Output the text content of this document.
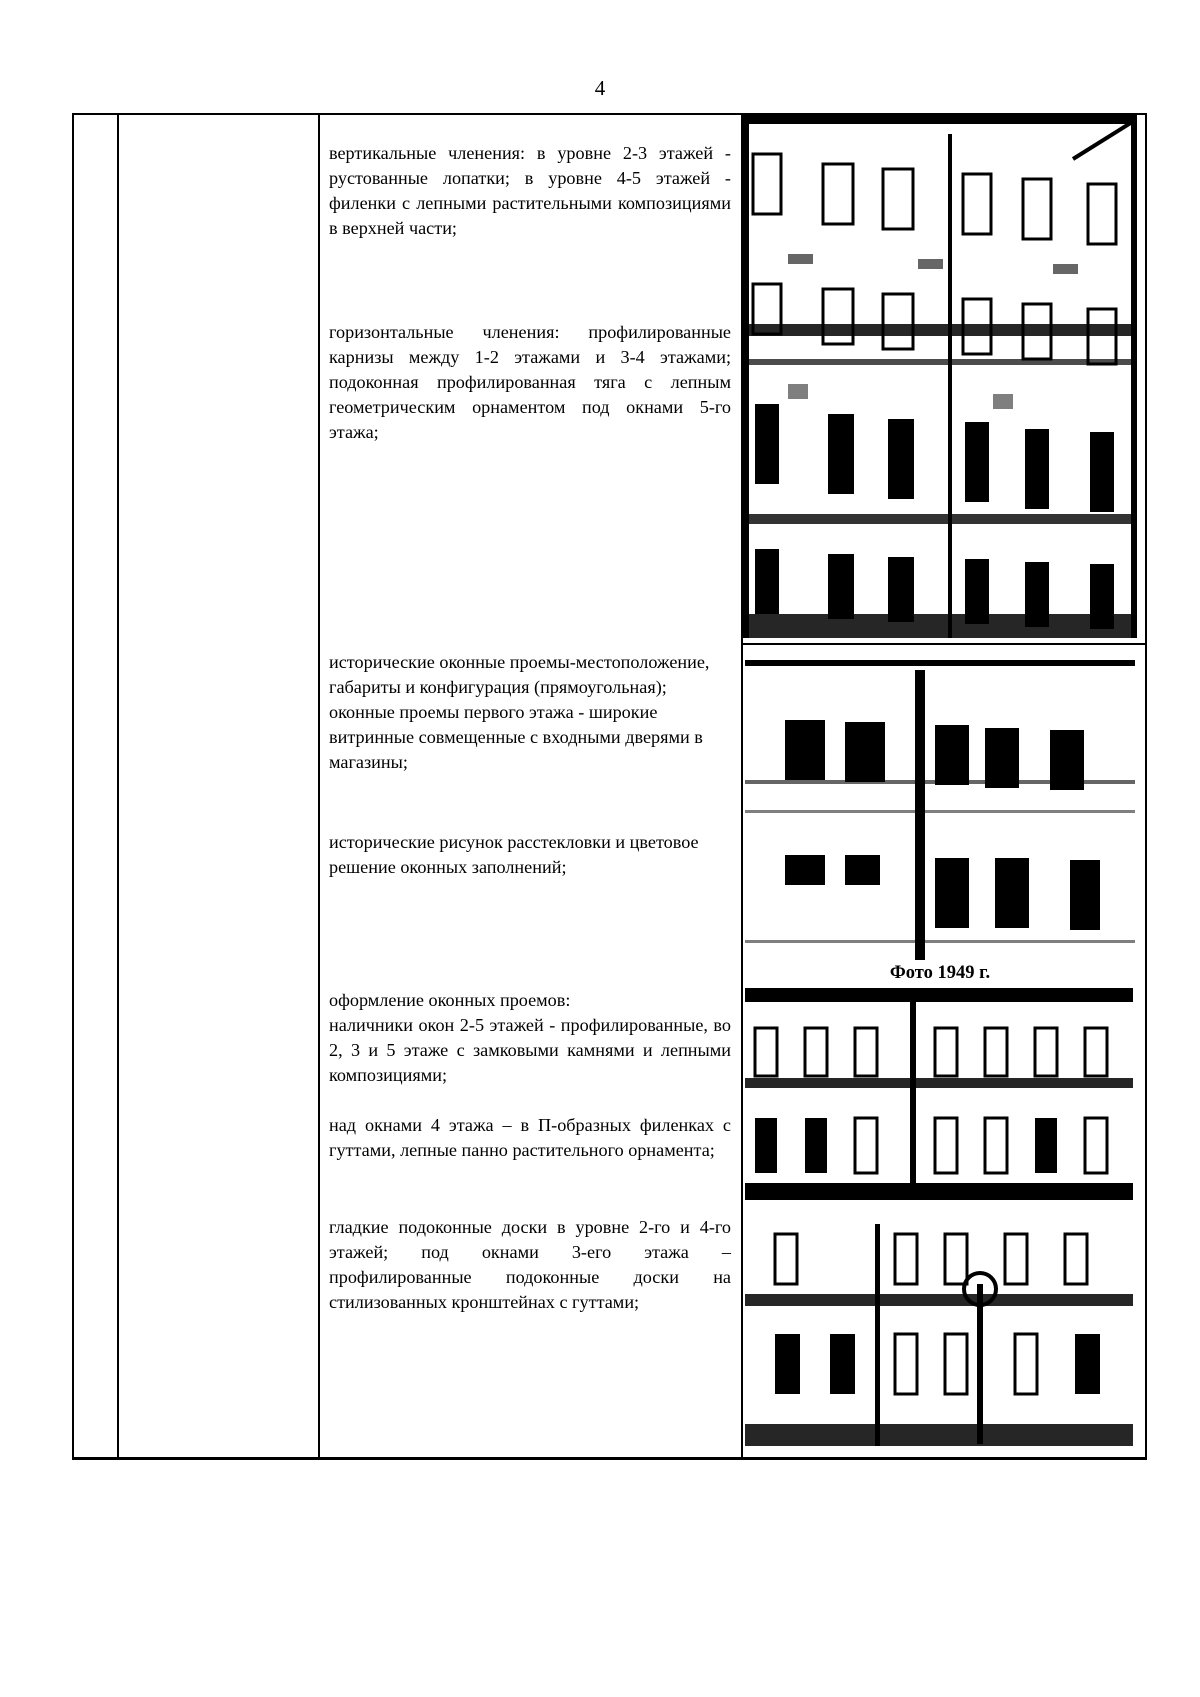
4
вертикальные членения: в уровне 2-3 этажей - рустованные лопатки; в уровне 4-5 этажей - филенки с лепными растительными композициями в верхней части;
горизонтальные членения: профилированные карнизы между 1-2 этажами и 3-4 этажами; подоконная профилированная тяга с лепным геометрическим орнаментом под окнами 5-го этажа;
исторические оконные проемы-местоположение, габариты и конфигурация (прямоугольная); оконные проемы первого этажа - широкие витринные совмещенные с входными дверями в магазины;
исторические рисунок расстекловки и цветовое решение оконных заполнений;
оформление оконных проемов:
наличники окон 2-5 этажей - профилированные, во 2, 3 и 5 этаже с замковыми камнями и лепными композициями;
над окнами 4 этажа – в П-образных филенках с гуттами, лепные панно растительного орнамента;
гладкие подоконные доски в уровне 2-го и 4-го этажей; под окнами 3-его этажа – профилированные подоконные доски на стилизованных кронштейнах с гуттами;
Фото 1949 г.
